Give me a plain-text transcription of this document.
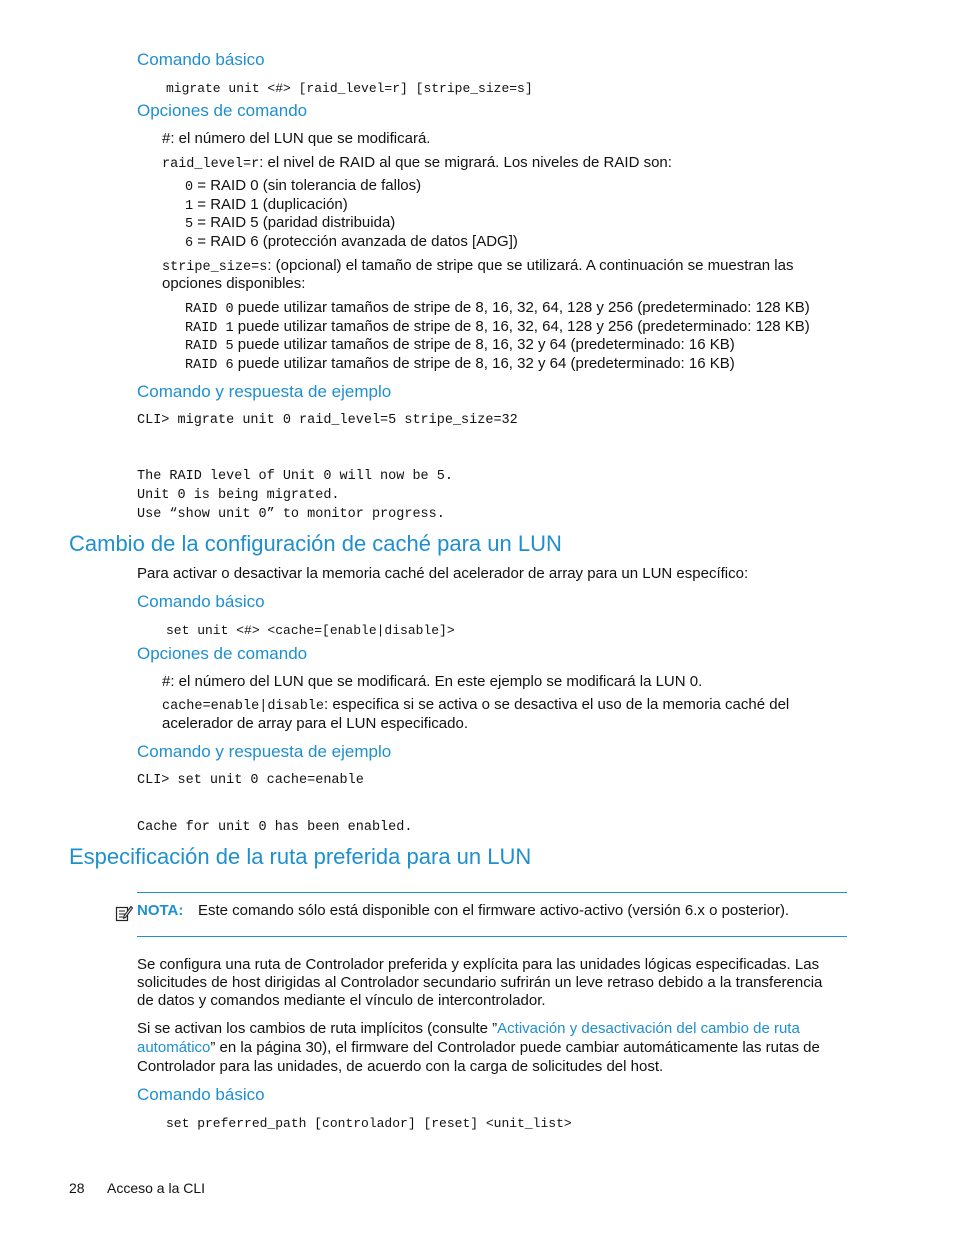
Comando básico
migrate unit <#> [raid_level=r] [stripe_size=s]
Opciones de comando
#: el número del LUN que se modificará.
raid_level=r: el nivel de RAID al que se migrará. Los niveles de RAID son:
0 = RAID 0 (sin tolerancia de fallos)
1 = RAID 1 (duplicación)
5 = RAID 5 (paridad distribuida)
6 = RAID 6 (protección avanzada de datos [ADG])
stripe_size=s: (opcional) el tamaño de stripe que se utilizará. A continuación se muestran las
opciones disponibles:
RAID 0 puede utilizar tamaños de stripe de 8, 16, 32, 64, 128 y 256 (predeterminado: 128 KB)
RAID 1 puede utilizar tamaños de stripe de 8, 16, 32, 64, 128 y 256 (predeterminado: 128 KB)
RAID 5 puede utilizar tamaños de stripe de 8, 16, 32 y 64 (predeterminado: 16 KB)
RAID 6 puede utilizar tamaños de stripe de 8, 16, 32 y 64 (predeterminado: 16 KB)
Comando y respuesta de ejemplo
CLI> migrate unit 0 raid_level=5 stripe_size=32
The RAID level of Unit 0 will now be 5.
Unit 0 is being migrated.
Use “show unit 0” to monitor progress.
Cambio de la configuración de caché para un LUN
Para activar o desactivar la memoria caché del acelerador de array para un LUN específico:
Comando básico
set unit <#> <cache=[enable|disable]>
Opciones de comando
#: el número del LUN que se modificará. En este ejemplo se modificará la LUN 0.
cache=enable|disable: especifica si se activa o se desactiva el uso de la memoria caché del
acelerador de array para el LUN especificado.
Comando y respuesta de ejemplo
CLI> set unit 0 cache=enable
Cache for unit 0 has been enabled.
Especificación de la ruta preferida para un LUN
NOTA: Este comando sólo está disponible con el firmware activo-activo (versión 6.x o posterior).
Se configura una ruta de Controlador preferida y explícita para las unidades lógicas especificadas. Las
solicitudes de host dirigidas al Controlador secundario sufrirán un leve retraso debido a la transferencia
de datos y comandos mediante el vínculo de intercontrolador.
Si se activan los cambios de ruta implícitos (consulte ”Activación y desactivación del cambio de ruta
automático” en la página 30), el firmware del Controlador puede cambiar automáticamente las rutas de
Controlador para las unidades, de acuerdo con la carga de solicitudes del host.
Comando básico
set preferred_path [controlador] [reset] <unit_list>
28 Acceso a la CLI
